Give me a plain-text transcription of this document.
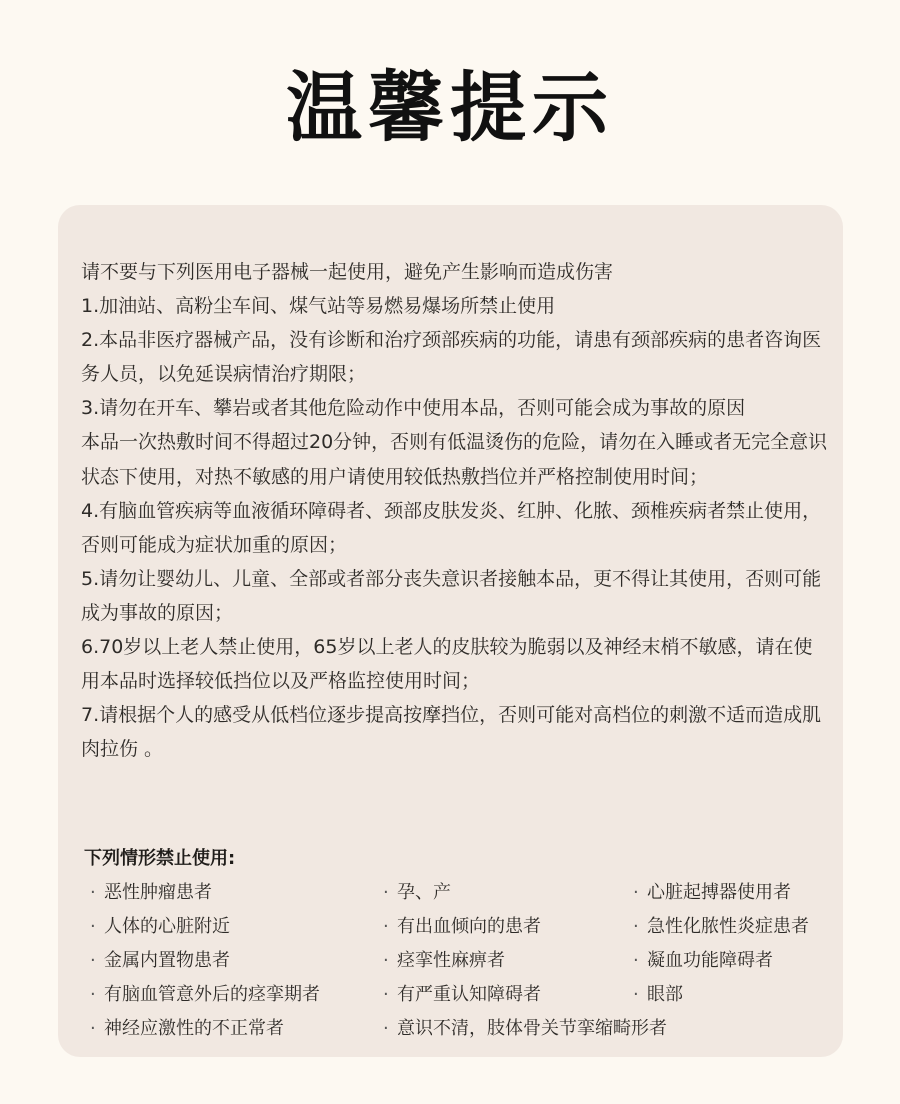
温馨提示

请不要与下列医用电子器械一起使用，避免产生影响而造成伤害

1.加油站、高粉尘车间、煤气站等易燃易爆场所禁止使用

2.本品非医疗器械产品，没有诊断和治疗颈部疾病的功能，请患有颈部疾病的患者咨询医务人员，以免延误病情治疗期限；

3.请勿在开车、攀岩或者其他危险动作中使用本品，否则可能会成为事故的原因

本品一次热敷时间不得超过20分钟，否则有低温烫伤的危险，请勿在入睡或者无完全意识状态下使用，对热不敏感的用户请使用较低热敷挡位并严格控制使用时间；

4.有脑血管疾病等血液循环障碍者、颈部皮肤发炎、红肿、化脓、颈椎疾病者禁止使用，否则可能成为症状加重的原因；

5.请勿让婴幼儿、儿童、全部或者部分丧失意识者接触本品，更不得让其使用，否则可能成为事故的原因；

6.70岁以上老人禁止使用，65岁以上老人的皮肤较为脆弱以及神经末梢不敏感，请在使用本品时选择较低挡位以及严格监控使用时间；

7.请根据个人的感受从低档位逐步提高按摩挡位，否则可能对高档位的刺激不适而造成肌肉拉伤 。

下列情形禁止使用:
· 恶性肿瘤患者	· 孕、产	· 心脏起搏器使用者
· 人体的心脏附近	· 有出血倾向的患者	· 急性化脓性炎症患者
· 金属内置物患者	· 痉挛性麻痹者	· 凝血功能障碍者
· 有脑血管意外后的痉挛期者	· 有严重认知障碍者	· 眼部
· 神经应激性的不正常者	· 意识不清，肢体骨关节挛缩畸形者
